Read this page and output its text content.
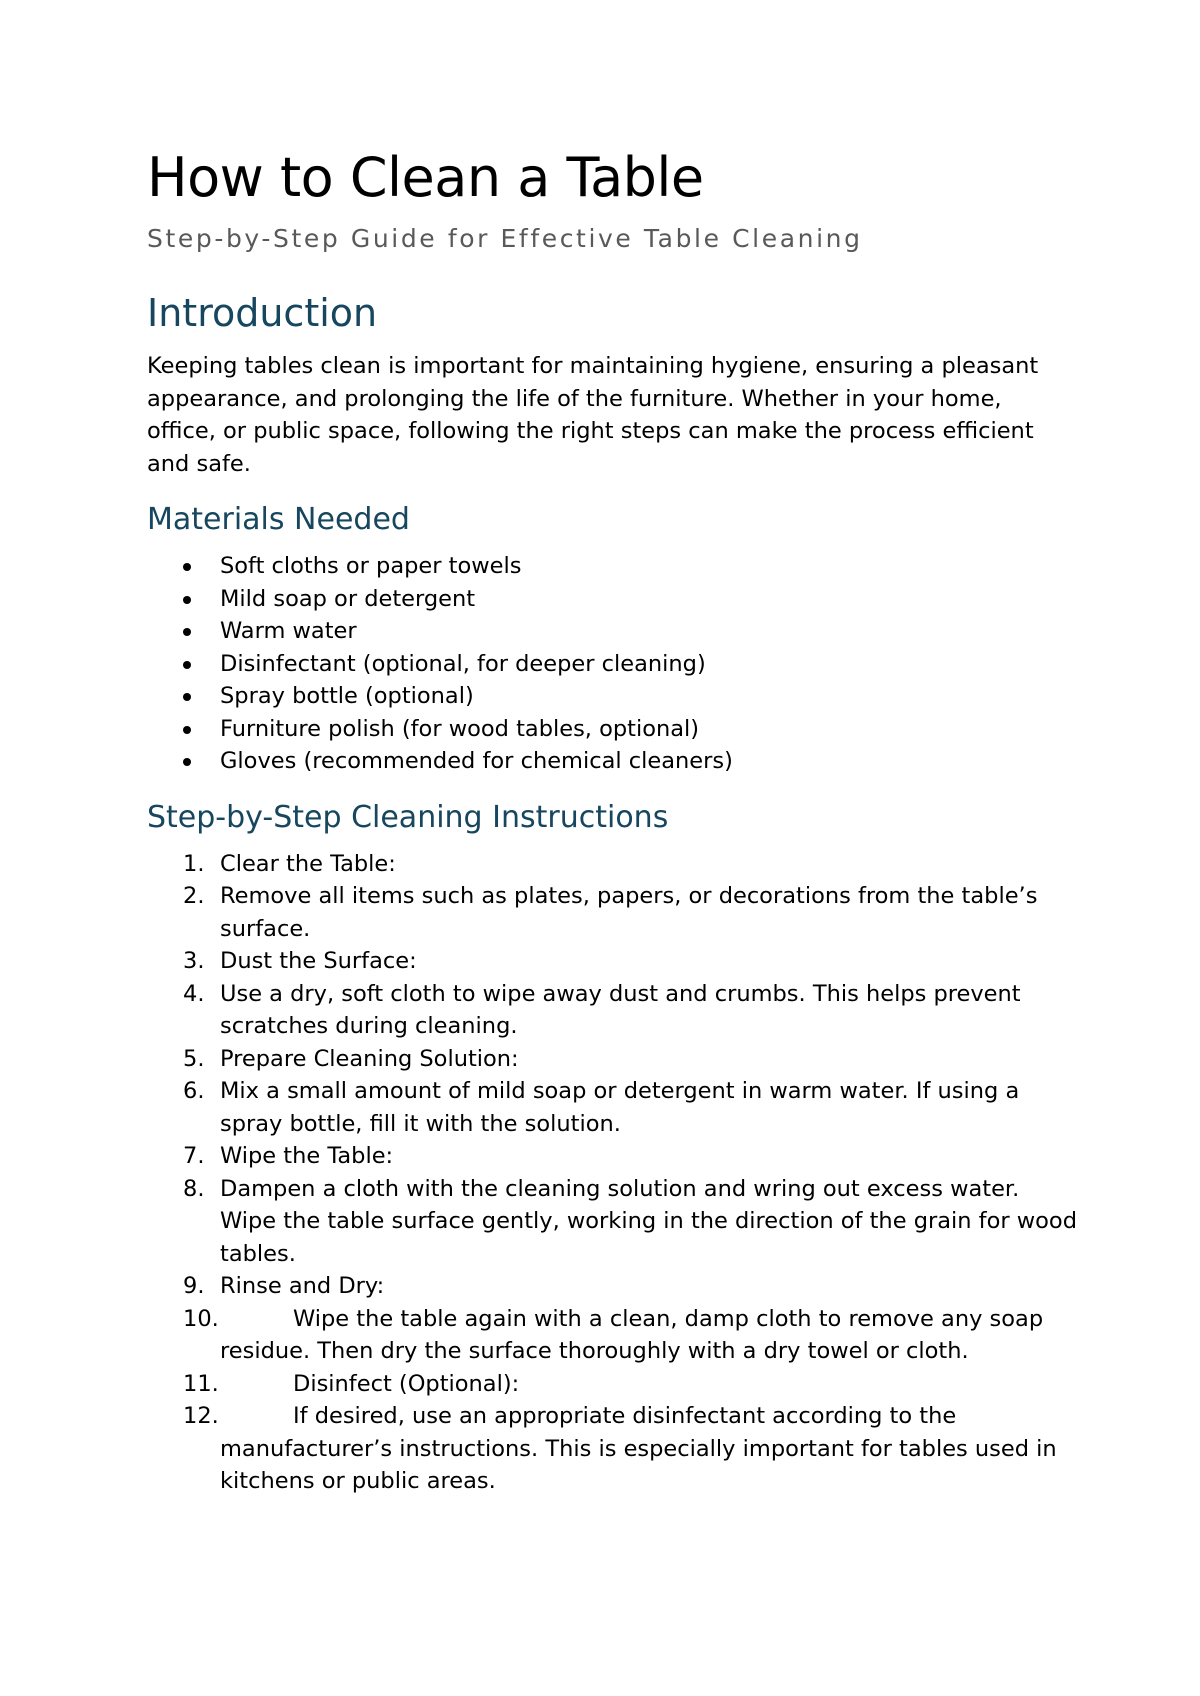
How to Clean a Table
Step-by-Step Guide for Effective Table Cleaning
Introduction

Keeping tables clean is important for maintaining hygiene, ensuring a pleasant appearance, and prolonging the life of the furniture. Whether in your home, office, or public space, following the right steps can make the process efficient and safe.

Materials Needed
Soft cloths or paper towels
Mild soap or detergent
Warm water
Disinfectant (optional, for deeper cleaning)
Spray bottle (optional)
Furniture polish (for wood tables, optional)
Gloves (recommended for chemical cleaners)
Step-by-Step Cleaning Instructions
1. Clear the Table:
2. Remove all items such as plates, papers, or decorations from the table’s surface.
3. Dust the Surface:
4. Use a dry, soft cloth to wipe away dust and crumbs. This helps prevent scratches during cleaning.
5. Prepare Cleaning Solution:
6. Mix a small amount of mild soap or detergent in warm water. If using a spray bottle, fill it with the solution.
7. Wipe the Table:
8. Dampen a cloth with the cleaning solution and wring out excess water. Wipe the table surface gently, working in the direction of the grain for wood tables.
9. Rinse and Dry:
10.	Wipe the table again with a clean, damp cloth to remove any soap residue. Then dry the surface thoroughly with a dry towel or cloth.
11.	Disinfect (Optional):
12.	If desired, use an appropriate disinfectant according to the manufacturer’s instructions. This is especially important for tables used in kitchens or public areas.
